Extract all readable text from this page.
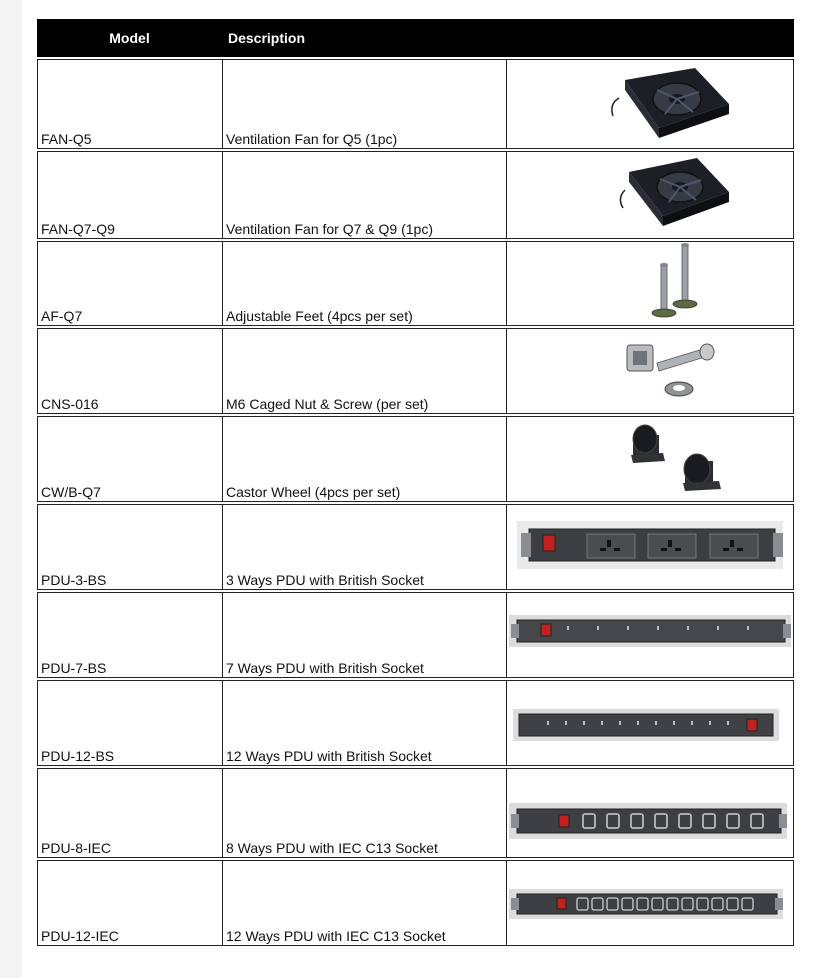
Model	Description	
FAN-Q5	Ventilation Fan for Q5 (1pc)	

FAN-Q7-Q9	Ventilation Fan for Q7 & Q9 (1pc)	

AF-Q7	Adjustable Feet (4pcs per set)	

CNS-016	M6 Caged Nut & Screw (per set)	

CW/B-Q7	Castor Wheel (4pcs per set)	

PDU-3-BS	3 Ways PDU with British Socket	

PDU-7-BS	7 Ways PDU with British Socket	

PDU-12-BS	12 Ways PDU with British Socket	

PDU-8-IEC	8 Ways PDU with IEC C13 Socket	

PDU-12-IEC	12 Ways PDU with IEC C13 Socket	
